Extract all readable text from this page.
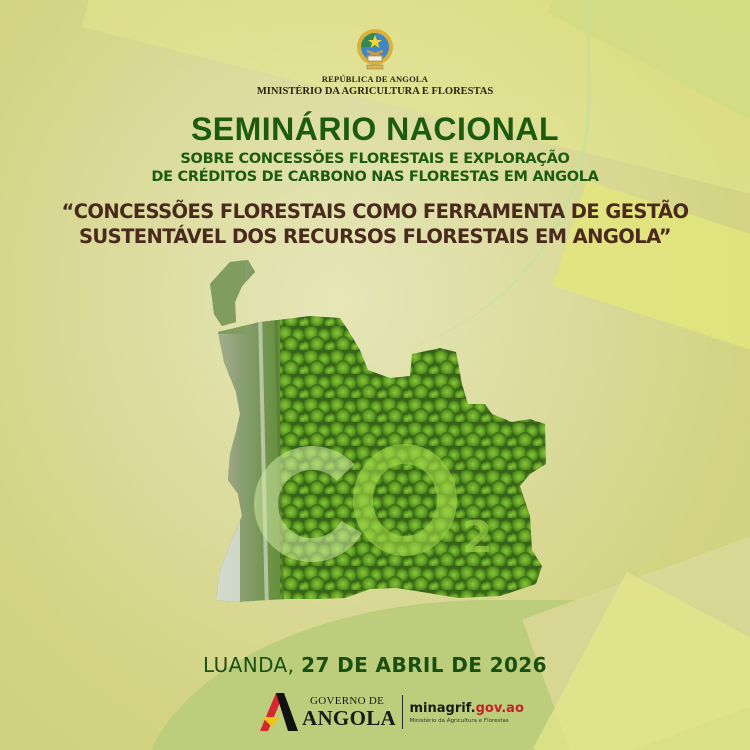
REPÚBLICA DE ANGOLA
MINISTÉRIO DA AGRICULTURA E FLORESTAS
SEMINÁRIO NACIONAL
SOBRE CONCESSÕES FLORESTAIS E EXPLORAÇÃO
DE CRÉDITOS DE CARBONO NAS FLORESTAS EM ANGOLA
“CONCESSÕES FLORESTAIS COMO FERRAMENTA DE GESTÃO
SUSTENTÁVEL DOS RECURSOS FLORESTAIS EM ANGOLA”
2
LUANDA, 27 DE ABRIL DE 2026
GOVERNO DE
ANGOLA minagrif.gov.ao
Ministério da Agricultura e Florestas
